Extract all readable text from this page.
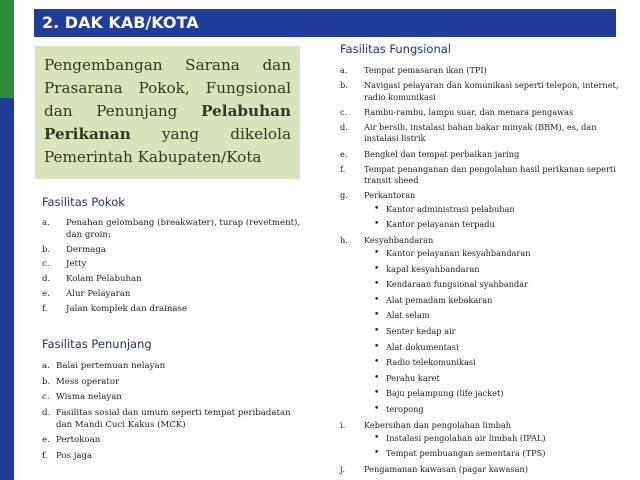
2. DAK KAB/KOTA
Pengembangan Sarana dan Prasarana Pokok, Fungsional dan Penunjang Pelabuhan Perikanan yang dikelola Pemerintah Kabupaten/Kota
Fasilitas Pokok
a. Penahan gelombang (breakwater), turap (revetment), dan groin;
b. Dermaga
c. Jetty
d. Kolam Pelabuhan
e. Alur Pelayaran
f. Jalan komplek dan drainase
Fasilitas Penunjang
a. Balai pertemuan nelayan
b. Mess operator
c. Wisma nelayan
d. Fasilitas sosial dan umum seperti tempat peribadatan dan Mandi Cuci Kakus (MCK)
e. Pertokoan
f. Pos jaga
Fasilitas Fungsional
a. Tempat pemasaran ikan (TPI)
b. Navigasi pelayaran dan komunikasi seperti telepon, internet, radio komunikasi
c. Rambu-rambu, lampu suar, dan menara pengawas
d. Air bersih, instalasi bahan bakar minyak (BBM), es, dan instalasi listrik
e. Bengkel dan tempat perbaikan jaring
f. Tempat penanganan dan pengolahan hasil perikanan seperti transit sheed
g. Perkantoran
• Kantor administrasi pelabuhan
• Kantor pelayanan terpadu
h. Kesyahbandaran
• Kantor pelayanan kesyahbandaran
• kapal kesyahbandaran
• Kendaraan fungsional syahbandar
• Alat pemadam kebakaran
• Alat selam
• Senter kedap air
• Alat dokumentasi
• Radio telekomunikasi
• Perahu karet
• Baju pelampung (life jacket)
• teropong
i. Kebersihan dan pengolahan limbah
• Instalasi pengolahan air limbah (IPAL)
• Tempat pembuangan sementara (TPS)
j. Pengamanan kawasan (pagar kawasan)
